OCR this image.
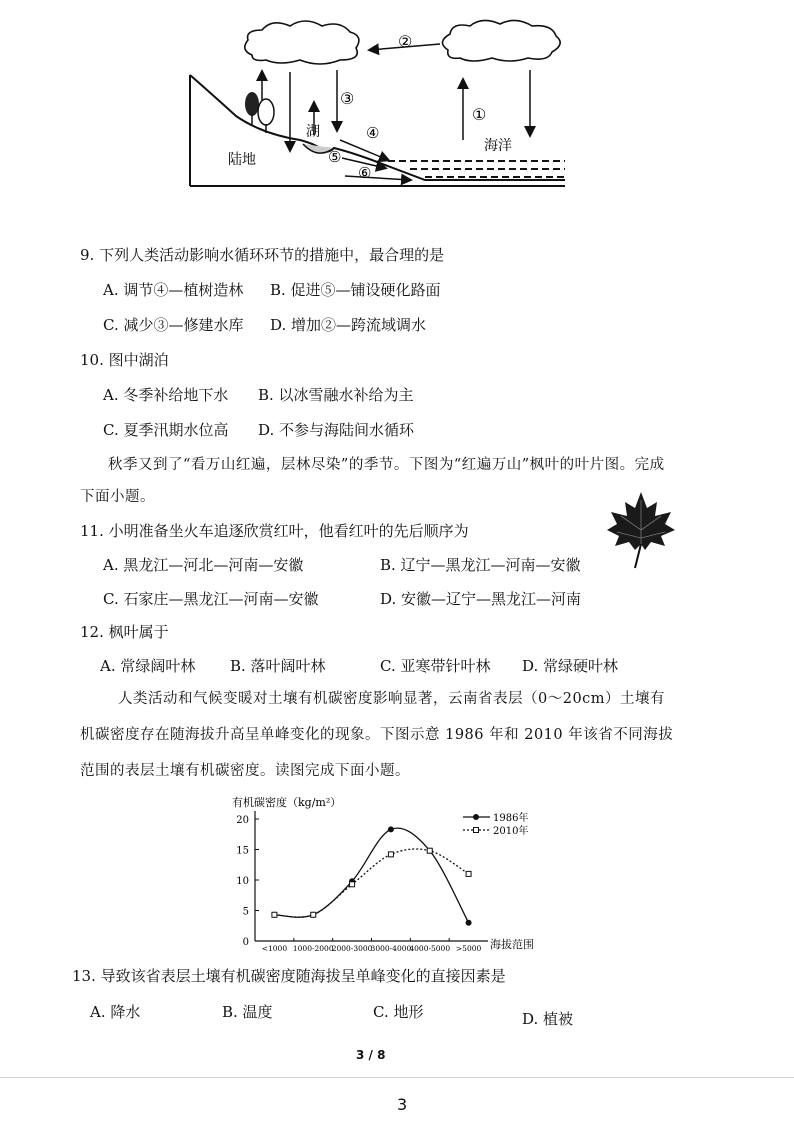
②
①
③
④
⑤
⑥
湖
陆地
海洋
9. 下列人类活动影响水循环环节的措施中，最合理的是
A. 调节④—植树造林 B. 促进⑤—铺设硬化路面
C. 减少③—修建水库 D. 增加②—跨流域调水
10. 图中湖泊
A. 冬季补给地下水 B. 以冰雪融水补给为主
C. 夏季汛期水位高 D. 不参与海陆间水循环
秋季又到了“看万山红遍，层林尽染”的季节。下图为“红遍万山”枫叶的叶片图。完成
下面小题。
11. 小明准备坐火车追逐欣赏红叶，他看红叶的先后顺序为
A. 黑龙江—河北—河南—安徽	B. 辽宁—黑龙江—河南—安徽
C. 石家庄—黑龙江—河南—安徽	D. 安徽—辽宁—黑龙江—河南
12. 枫叶属于
A. 常绿阔叶林 B. 落叶阔叶林	C. 亚寒带针叶林 D. 常绿硬叶林
人类活动和气候变暖对土壤有机碳密度影响显著，云南省表层（0～20cm）土壤有
机碳密度存在随海拔升高呈单峰变化的现象。下图示意 1986 年和 2010 年该省不同海拔
范围的表层土壤有机碳密度。读图完成下面小题。
有机碳密度（kg/m²）
海拔范围
0
5
10
15
20
<1000 1000-2000
2000-3000
3000-4000
4000-5000 >5000
1986年
2010年
13. 导致该省表层土壤有机碳密度随海拔呈单峰变化的直接因素是
A. 降水	B. 温度	C. 地形	D. 植被
3 / 8
3
